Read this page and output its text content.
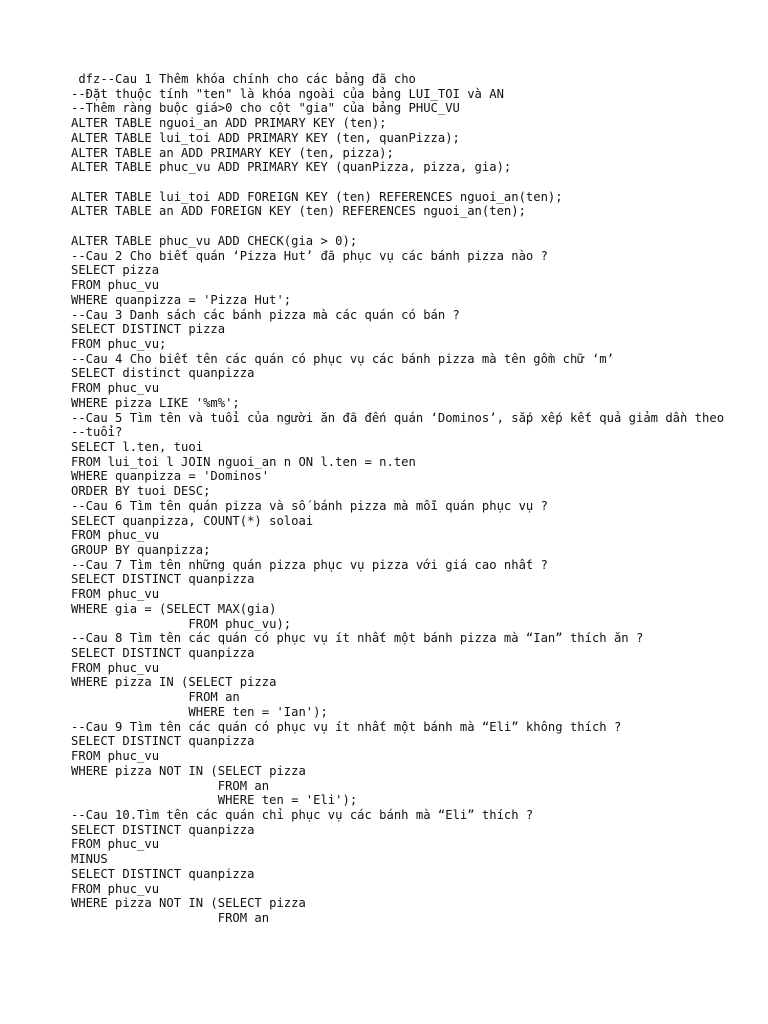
dfz--Cau 1 Thêm khóa chính cho các bảng đã cho
--Đặt thuộc tính "ten" là khóa ngoài của bảng LUI_TOI và AN
--Thêm ràng buộc giá>0 cho cột "gia" của bảng PHUC_VU
ALTER TABLE nguoi_an ADD PRIMARY KEY (ten);
ALTER TABLE lui_toi ADD PRIMARY KEY (ten, quanPizza);
ALTER TABLE an ADD PRIMARY KEY (ten, pizza);
ALTER TABLE phuc_vu ADD PRIMARY KEY (quanPizza, pizza, gia);
ALTER TABLE lui_toi ADD FOREIGN KEY (ten) REFERENCES nguoi_an(ten);
ALTER TABLE an ADD FOREIGN KEY (ten) REFERENCES nguoi_an(ten);
ALTER TABLE phuc_vu ADD CHECK(gia > 0);
--Cau 2 Cho biết quán ‘Pizza Hut’ đã phục vụ các bánh pizza nào ?
SELECT pizza
FROM phuc_vu
WHERE quanpizza = 'Pizza Hut';
--Cau 3 Danh sách các bánh pizza mà các quán có bán ?
SELECT DISTINCT pizza
FROM phuc_vu;
--Cau 4 Cho biết tên các quán có phục vụ các bánh pizza mà tên gồm chữ ‘m’
SELECT distinct quanpizza
FROM phuc_vu
WHERE pizza LIKE '%m%';
--Cau 5 Tìm tên và tuổi của người ăn đã đến quán ‘Dominos’, sắp xếp kết quả giảm dần theo
--tuổi?
SELECT l.ten, tuoi
FROM lui_toi l JOIN nguoi_an n ON l.ten = n.ten
WHERE quanpizza = 'Dominos'
ORDER BY tuoi DESC;
--Cau 6 Tìm tên quán pizza và số bánh pizza mà mỗi quán phục vụ ?
SELECT quanpizza, COUNT(*) soloai
FROM phuc_vu
GROUP BY quanpizza;
--Cau 7 Tìm tên những quán pizza phục vụ pizza với giá cao nhất ?
SELECT DISTINCT quanpizza
FROM phuc_vu
WHERE gia = (SELECT MAX(gia)
FROM phuc_vu);
--Cau 8 Tìm tên các quán có phục vụ ít nhất một bánh pizza mà “Ian” thích ăn ?
SELECT DISTINCT quanpizza
FROM phuc_vu
WHERE pizza IN (SELECT pizza
FROM an
WHERE ten = 'Ian');
--Cau 9 Tìm tên các quán có phục vụ ít nhất một bánh mà “Eli” không thích ?
SELECT DISTINCT quanpizza
FROM phuc_vu
WHERE pizza NOT IN (SELECT pizza
FROM an
WHERE ten = 'Eli');
--Cau 10.Tìm tên các quán chỉ phục vụ các bánh mà “Eli” thích ?
SELECT DISTINCT quanpizza
FROM phuc_vu
MINUS
SELECT DISTINCT quanpizza
FROM phuc_vu
WHERE pizza NOT IN (SELECT pizza
FROM an
